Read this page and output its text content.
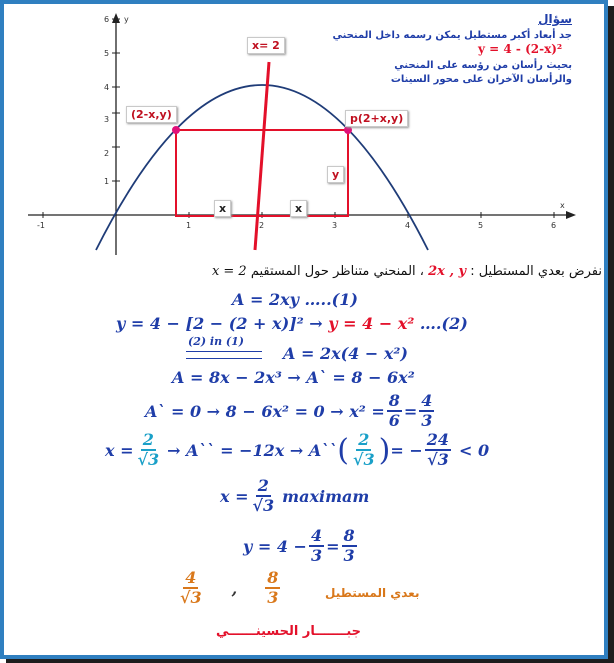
y
x
6
5
4
3
2
1
-1	1	2	3	4	5	6
x= 2
(2-x,y)	p(2+x,y)
y
x	x
سؤال
جد أبعاد أكبر مستطيل يمكن رسمه داخل المنحني
y = 4 - (2-x)²
بحيث رأسان من رؤسه على المنحني
والرأسان الآخران على محور السينات
نفرض بعدي المستطيل : 2x , y ، المنحني متناظر حول المستقيم x = 2
A = 2xy …..(1)
y = 4 − [2 − (2 + x)]² → y = 4 − x² ….(2)
(2) in (1)
A = 2x(4 − x²)
A = 8x − 2x³ → A` = 8 − 6x²
A` = $0 \to 8 - 6x^2 = 0 \to x^2 = \frac{8}{6} = \frac{4}{3}$
$x = \frac{2}{√3}$ → A`` = −12x → A`` ( $\frac{2}{√3}$ ) = − $\frac{24}{√3} < 0$
$x = \frac{2}{√3}$ maximam
$y = 4 - \frac{4}{3} = \frac{8}{3}$
$\frac{4}{√3}$ , $\frac{8}{3}$	بعدي المستطيل
جبـــــــار الحسينــــــي
